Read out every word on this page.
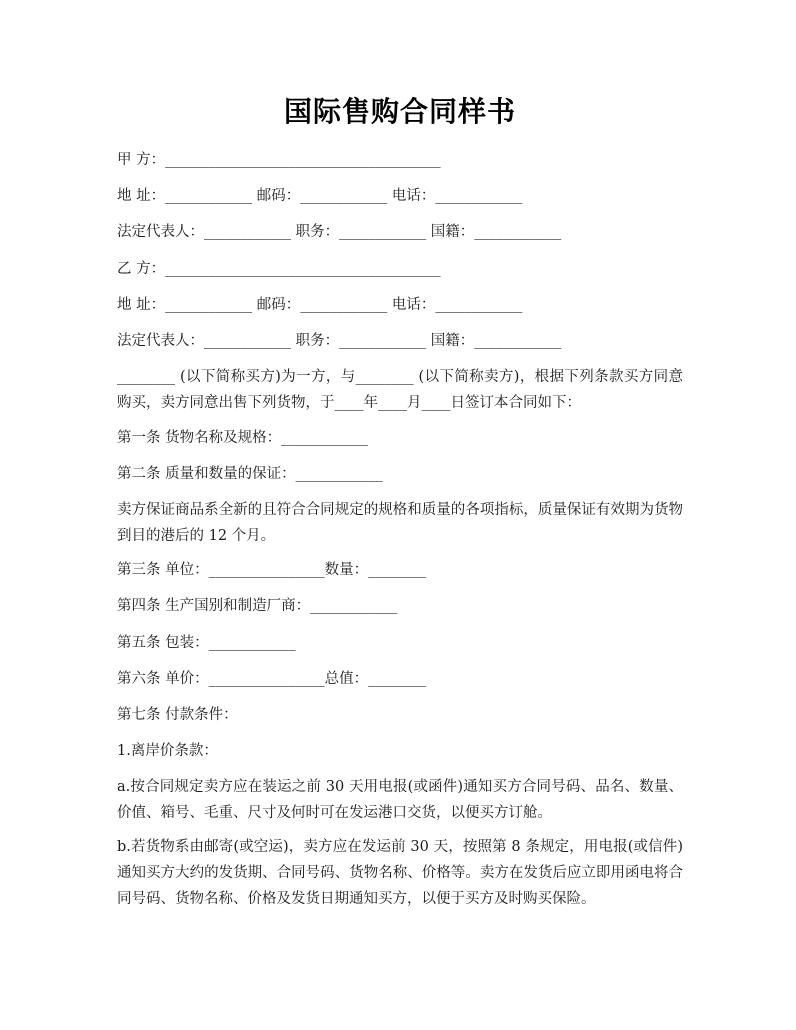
国际售购合同样书

甲 方：______________________________________

地 址：____________ 邮码：____________ 电话：____________

法定代表人：____________ 职务：____________ 国籍：____________

乙 方：______________________________________

地 址：____________ 邮码：____________ 电话：____________

法定代表人：____________ 职务：____________ 国籍：____________

________ (以下简称买方)为一方，与________ (以下简称卖方)，根据下列条款买方同意购买，卖方同意出售下列货物，于____年____月____日签订本合同如下：

第一条 货物名称及规格：____________

第二条 质量和数量的保证：____________

卖方保证商品系全新的且符合合同规定的规格和质量的各项指标，质量保证有效期为货物到目的港后的 12 个月。

第三条 单位：________________数量：________

第四条 生产国别和制造厂商：____________

第五条 包装：____________

第六条 单价：________________总值：________

第七条 付款条件：

1.离岸价条款：

a.按合同规定卖方应在装运之前 30 天用电报(或函件)通知买方合同号码、品名、数量、价值、箱号、毛重、尺寸及何时可在发运港口交货，以便买方订舱。

b.若货物系由邮寄(或空运)，卖方应在发运前 30 天，按照第 8 条规定，用电报(或信件)通知买方大约的发货期、合同号码、货物名称、价格等。卖方在发货后应立即用函电将合同号码、货物名称、价格及发货日期通知买方，以便于买方及时购买保险。
